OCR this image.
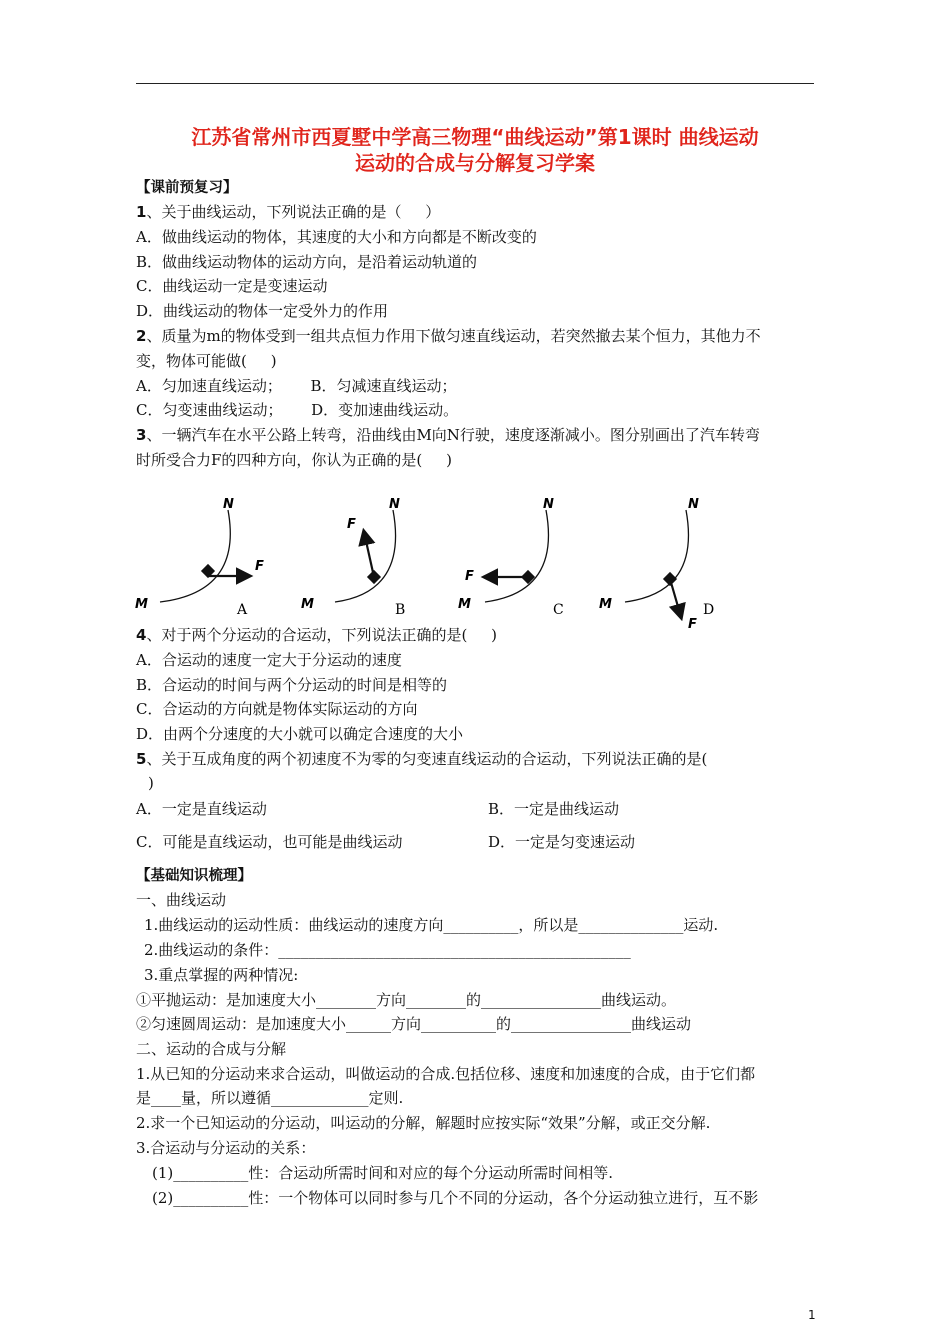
江苏省常州市西夏墅中学高三物理“曲线运动”第1课时 曲线运动
运动的合成与分解复习学案
【课前预复习】
1、关于曲线运动，下列说法正确的是（     ）
A．做曲线运动的物体，其速度的大小和方向都是不断改变的
B．做曲线运动物体的运动方向，是沿着运动轨道的
C．曲线运动一定是变速运动
D．曲线运动的物体一定受外力的作用
2、质量为m的物体受到一组共点恒力作用下做匀速直线运动，若突然撤去某个恒力，其他力不
变，物体可能做(     )
A．匀加速直线运动；      B．匀减速直线运动；
C．匀变速曲线运动；      D．变加速曲线运动。
3、一辆汽车在水平公路上转弯，沿曲线由M向N行驶，速度逐渐减小。图分别画出了汽车转弯
时所受合力F的四种方向，你认为正确的是(     )
N
F
M	A
N
F
M	B
N
F
M	C
N
F
M	D
4、对于两个分运动的合运动，下列说法正确的是(     )
A．合运动的速度一定大于分运动的速度
B．合运动的时间与两个分运动的时间是相等的
C．合运动的方向就是物体实际运动的方向
D．由两个分速度的大小就可以确定合速度的大小
5、关于互成角度的两个初速度不为零的匀变速直线运动的合运动，下列说法正确的是(
)
A．一定是直线运动	B．一定是曲线运动
C．可能是直线运动，也可能是曲线运动	D．一定是匀变速运动
【基础知识梳理】
一、曲线运动
1.曲线运动的运动性质：曲线运动的速度方向__________，所以是______________运动.
2.曲线运动的条件：_______________________________________________
3.重点掌握的两种情况:
①平抛运动：是加速度大小________方向________的________________曲线运动。
②匀速圆周运动：是加速度大小______方向__________的________________曲线运动
二、运动的合成与分解
1.从已知的分运动来求合运动，叫做运动的合成.包括位移、速度和加速度的合成，由于它们都
是____量，所以遵循_____________定则.
2.求一个已知运动的分运动，叫运动的分解，解题时应按实际“效果”分解，或正交分解.
3.合运动与分运动的关系：
(1)__________性：合运动所需时间和对应的每个分运动所需时间相等.
(2)__________性：一个物体可以同时参与几个不同的分运动，各个分运动独立进行，互不影
1
